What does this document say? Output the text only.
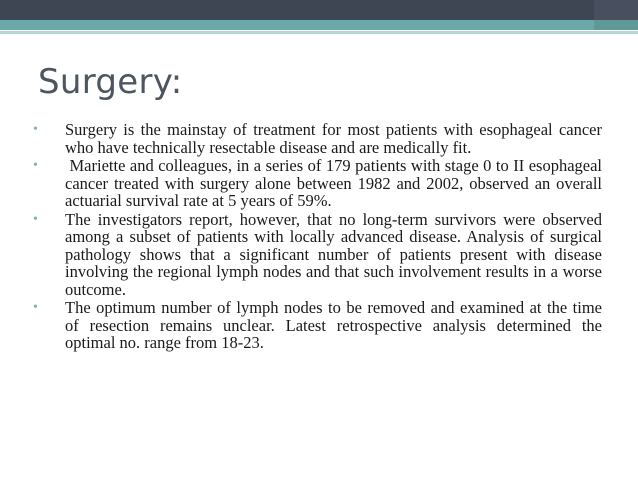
Surgery:
• Surgery is the mainstay of treatment for most patients with esophageal cancer who have technically resectable disease and are medically fit.
• Mariette and colleagues, in a series of 179 patients with stage 0 to II esophageal cancer treated with surgery alone between 1982 and 2002, observed an overall actuarial survival rate at 5 years of 59%.
• The investigators report, however, that no long-term survivors were observed among a subset of patients with locally advanced disease. Analysis of surgical pathology shows that a significant number of patients present with disease involving the regional lymph nodes and that such involvement results in a worse outcome.
• The optimum number of lymph nodes to be removed and examined at the time of resection remains unclear. Latest retrospective analysis determined the optimal no. range from 18-23.
